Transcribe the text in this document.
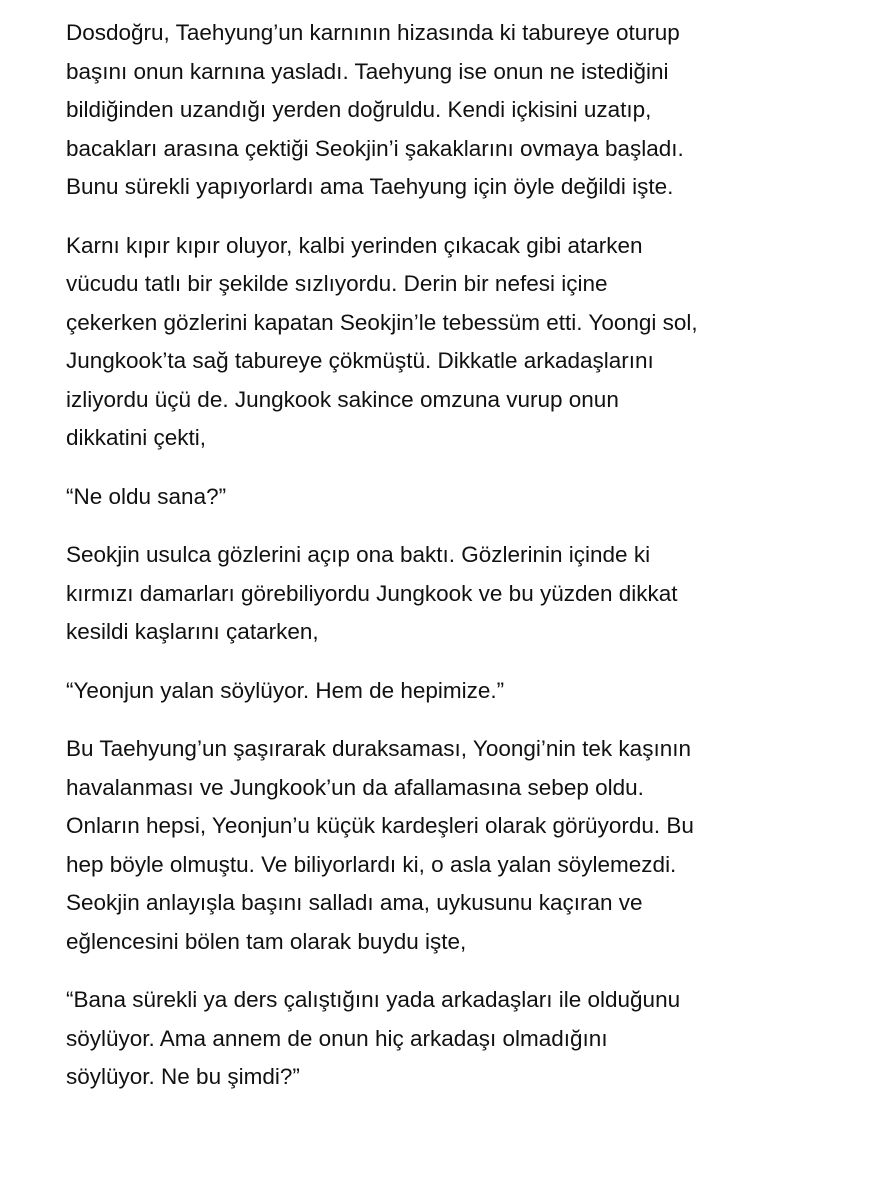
Dosdoğru, Taehyung’un karnının hizasında ki tabureye oturup
başını onun karnına yasladı. Taehyung ise onun ne istediğini
bildiğinden uzandığı yerden doğruldu. Kendi içkisini uzatıp,
bacakları arasına çektiği Seokjin’i şakaklarını ovmaya başladı.
Bunu sürekli yapıyorlardı ama Taehyung için öyle değildi işte.
Karnı kıpır kıpır oluyor, kalbi yerinden çıkacak gibi atarken
vücudu tatlı bir şekilde sızlıyordu. Derin bir nefesi içine
çekerken gözlerini kapatan Seokjin’le tebessüm etti. Yoongi sol,
Jungkook’ta sağ tabureye çökmüştü. Dikkatle arkadaşlarını
izliyordu üçü de. Jungkook sakince omzuna vurup onun
dikkatini çekti,
“Ne oldu sana?”
Seokjin usulca gözlerini açıp ona baktı. Gözlerinin içinde ki
kırmızı damarları görebiliyordu Jungkook ve bu yüzden dikkat
kesildi kaşlarını çatarken,
“Yeonjun yalan söylüyor. Hem de hepimize.”
Bu Taehyung’un şaşırarak duraksaması, Yoongi’nin tek kaşının
havalanması ve Jungkook’un da afallamasına sebep oldu.
Onların hepsi, Yeonjun’u küçük kardeşleri olarak görüyordu. Bu
hep böyle olmuştu. Ve biliyorlardı ki, o asla yalan söylemezdi.
Seokjin anlayışla başını salladı ama, uykusunu kaçıran ve
eğlencesini bölen tam olarak buydu işte,
“Bana sürekli ya ders çalıştığını yada arkadaşları ile olduğunu
söylüyor. Ama annem de onun hiç arkadaşı olmadığını
söylüyor. Ne bu şimdi?”
